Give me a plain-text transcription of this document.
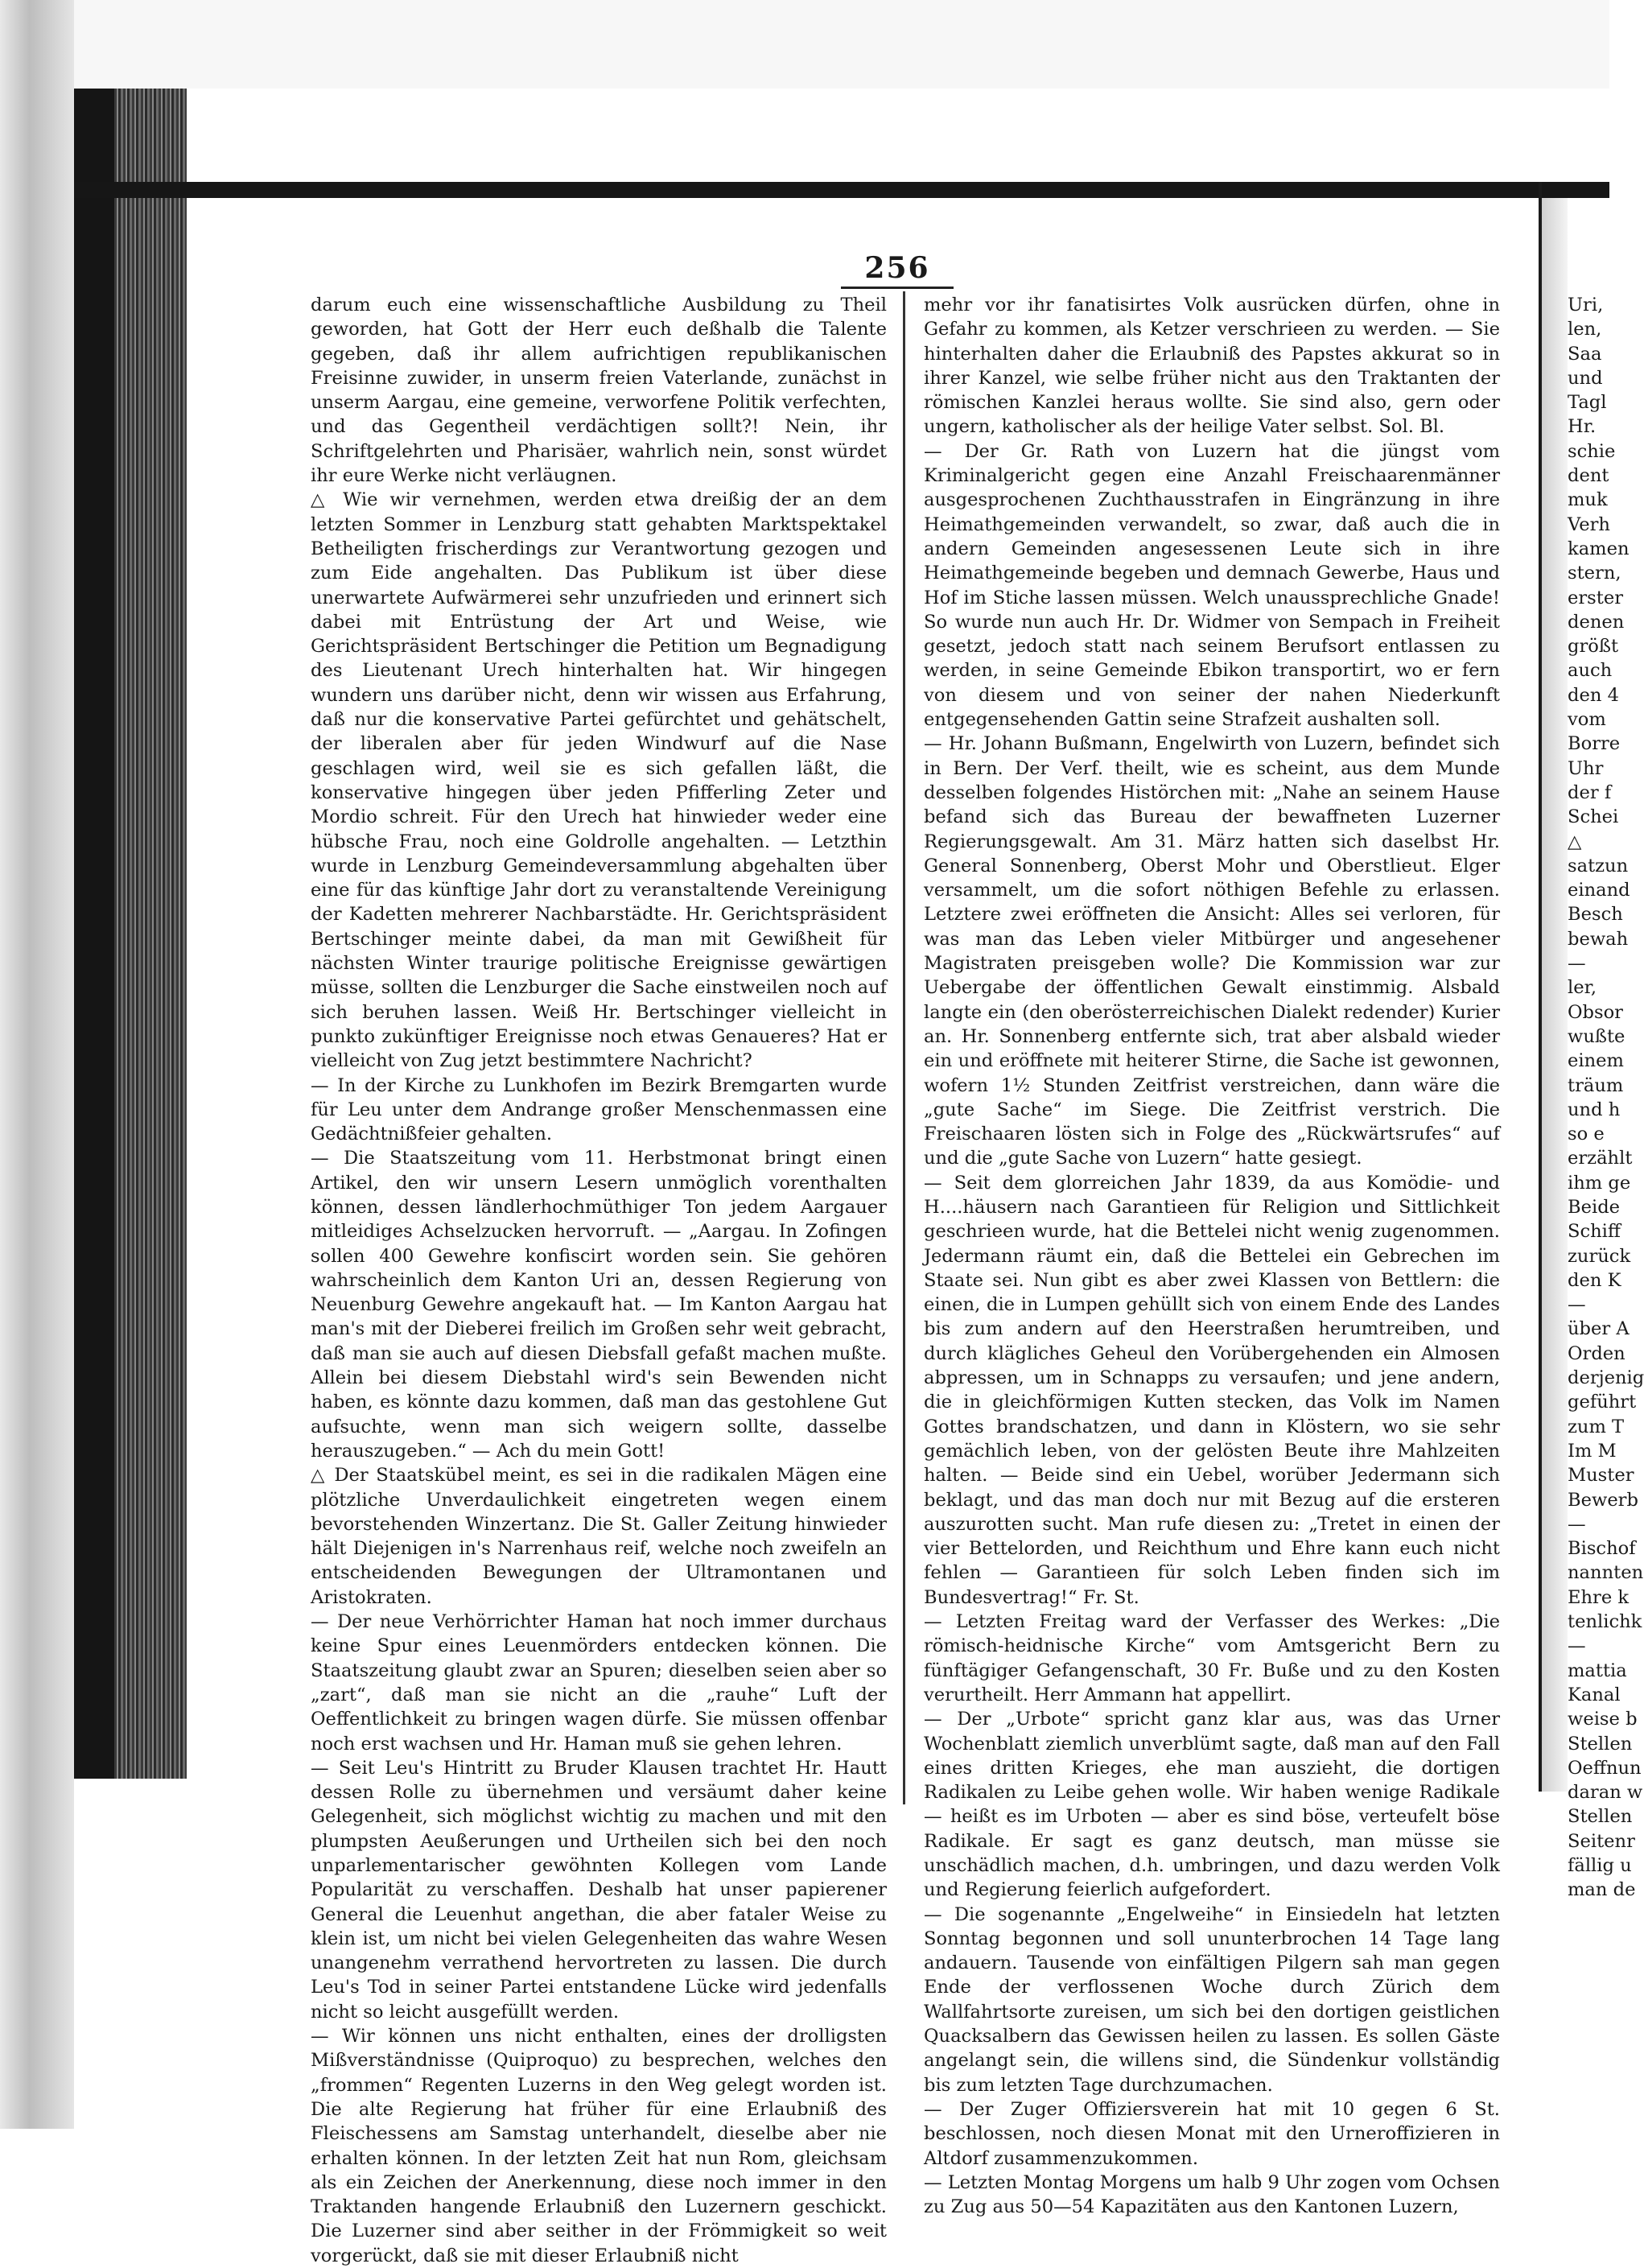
256

darum euch eine wissenschaftliche Ausbildung zu Theil geworden, hat Gott der Herr euch deßhalb die Talente gegeben, daß ihr allem aufrichtigen republikanischen Freisinne zuwider, in unserm freien Vaterlande, zunächst in unserm Aargau, eine gemeine, verworfene Politik verfechten, und das Gegentheil verdächtigen sollt?! Nein, ihr Schriftgelehrten und Pharisäer, wahrlich nein, sonst würdet ihr eure Werke nicht verläugnen.

△ Wie wir vernehmen, werden etwa dreißig der an dem letzten Sommer in Lenzburg statt gehabten Marktspektakel Betheiligten frischerdings zur Verantwortung gezogen und zum Eide angehalten. Das Publikum ist über diese unerwartete Aufwärmerei sehr unzufrieden und erinnert sich dabei mit Entrüstung der Art und Weise, wie Gerichtspräsident Bertschinger die Petition um Begnadigung des Lieutenant Urech hinterhalten hat. Wir hingegen wundern uns darüber nicht, denn wir wissen aus Erfahrung, daß nur die konservative Partei gefürchtet und gehätschelt, der liberalen aber für jeden Windwurf auf die Nase geschlagen wird, weil sie es sich gefallen läßt, die konservative hingegen über jeden Pfifferling Zeter und Mordio schreit. Für den Urech hat hinwieder weder eine hübsche Frau, noch eine Goldrolle angehalten. — Letzthin wurde in Lenzburg Gemeindeversammlung abgehalten über eine für das künftige Jahr dort zu veranstaltende Vereinigung der Kadetten mehrerer Nachbarstädte. Hr. Gerichtspräsident Bertschinger meinte dabei, da man mit Gewißheit für nächsten Winter traurige politische Ereignisse gewärtigen müsse, sollten die Lenzburger die Sache einstweilen noch auf sich beruhen lassen. Weiß Hr. Bertschinger vielleicht in punkto zukünftiger Ereignisse noch etwas Genaueres? Hat er vielleicht von Zug jetzt bestimmtere Nachricht?

— In der Kirche zu Lunkhofen im Bezirk Bremgarten wurde für Leu unter dem Andrange großer Menschenmassen eine Gedächtnißfeier gehalten.

— Die Staatszeitung vom 11. Herbstmonat bringt einen Artikel, den wir unsern Lesern unmöglich vorenthalten können, dessen ländlerhochmüthiger Ton jedem Aargauer mitleidiges Achselzucken hervorruft. — „Aargau. In Zofingen sollen 400 Gewehre konfiscirt worden sein. Sie gehören wahrscheinlich dem Kanton Uri an, dessen Regierung von Neuenburg Gewehre angekauft hat. — Im Kanton Aargau hat man's mit der Dieberei freilich im Großen sehr weit gebracht, daß man sie auch auf diesen Diebsfall gefaßt machen mußte. Allein bei diesem Diebstahl wird's sein Bewenden nicht haben, es könnte dazu kommen, daß man das gestohlene Gut aufsuchte, wenn man sich weigern sollte, dasselbe herauszugeben.“ — Ach du mein Gott!

△ Der Staatskübel meint, es sei in die radikalen Mägen eine plötzliche Unverdaulichkeit eingetreten wegen einem bevorstehenden Winzertanz. Die St. Galler Zeitung hinwieder hält Diejenigen in's Narrenhaus reif, welche noch zweifeln an entscheidenden Bewegungen der Ultramontanen und Aristokraten.

— Der neue Verhörrichter Haman hat noch immer durchaus keine Spur eines Leuenmörders entdecken können. Die Staatszeitung glaubt zwar an Spuren; dieselben seien aber so „zart“, daß man sie nicht an die „rauhe“ Luft der Oeffentlichkeit zu bringen wagen dürfe. Sie müssen offenbar noch erst wachsen und Hr. Haman muß sie gehen lehren.

— Seit Leu's Hintritt zu Bruder Klausen trachtet Hr. Hautt dessen Rolle zu übernehmen und versäumt daher keine Gelegenheit, sich möglichst wichtig zu machen und mit den plumpsten Aeußerungen und Urtheilen sich bei den noch unparlementarischer gewöhnten Kollegen vom Lande Popularität zu verschaffen. Deshalb hat unser papierener General die Leuenhut angethan, die aber fataler Weise zu klein ist, um nicht bei vielen Gelegenheiten das wahre Wesen unangenehm verrathend hervortreten zu lassen. Die durch Leu's Tod in seiner Partei entstandene Lücke wird jedenfalls nicht so leicht ausgefüllt werden.

— Wir können uns nicht enthalten, eines der drolligsten Mißverständnisse (Quiproquo) zu besprechen, welches den „frommen“ Regenten Luzerns in den Weg gelegt worden ist. Die alte Regierung hat früher für eine Erlaubniß des Fleischessens am Samstag unterhandelt, dieselbe aber nie erhalten können. In der letzten Zeit hat nun Rom, gleichsam als ein Zeichen der Anerkennung, diese noch immer in den Traktanden hangende Erlaubniß den Luzernern geschickt. Die Luzerner sind aber seither in der Frömmigkeit so weit vorgerückt, daß sie mit dieser Erlaubniß nicht

mehr vor ihr fanatisirtes Volk ausrücken dürfen, ohne in Gefahr zu kommen, als Ketzer verschrieen zu werden. — Sie hinterhalten daher die Erlaubniß des Papstes akkurat so in ihrer Kanzel, wie selbe früher nicht aus den Traktanten der römischen Kanzlei heraus wollte. Sie sind also, gern oder ungern, katholischer als der heilige Vater selbst. Sol. Bl.

— Der Gr. Rath von Luzern hat die jüngst vom Kriminalgericht gegen eine Anzahl Freischaarenmänner ausgesprochenen Zuchthausstrafen in Eingränzung in ihre Heimathgemeinden verwandelt, so zwar, daß auch die in andern Gemeinden angesessenen Leute sich in ihre Heimathgemeinde begeben und demnach Gewerbe, Haus und Hof im Stiche lassen müssen. Welch unaussprechliche Gnade! So wurde nun auch Hr. Dr. Widmer von Sempach in Freiheit gesetzt, jedoch statt nach seinem Berufsort entlassen zu werden, in seine Gemeinde Ebikon transportirt, wo er fern von diesem und von seiner der nahen Niederkunft entgegensehenden Gattin seine Strafzeit aushalten soll.

— Hr. Johann Bußmann, Engelwirth von Luzern, befindet sich in Bern. Der Verf. theilt, wie es scheint, aus dem Munde desselben folgendes Histörchen mit: „Nahe an seinem Hause befand sich das Bureau der bewaffneten Luzerner Regierungsgewalt. Am 31. März hatten sich daselbst Hr. General Sonnenberg, Oberst Mohr und Oberstlieut. Elger versammelt, um die sofort nöthigen Befehle zu erlassen. Letztere zwei eröffneten die Ansicht: Alles sei verloren, für was man das Leben vieler Mitbürger und angesehener Magistraten preisgeben wolle? Die Kommission war zur Uebergabe der öffentlichen Gewalt einstimmig. Alsbald langte ein (den oberösterreichischen Dialekt redender) Kurier an. Hr. Sonnenberg entfernte sich, trat aber alsbald wieder ein und eröffnete mit heiterer Stirne, die Sache ist gewonnen, wofern 1½ Stunden Zeitfrist verstreichen, dann wäre die „gute Sache“ im Siege. Die Zeitfrist verstrich. Die Freischaaren lösten sich in Folge des „Rückwärtsrufes“ auf und die „gute Sache von Luzern“ hatte gesiegt.

— Seit dem glorreichen Jahr 1839, da aus Komödie- und H....häusern nach Garantieen für Religion und Sittlichkeit geschrieen wurde, hat die Bettelei nicht wenig zugenommen. Jedermann räumt ein, daß die Bettelei ein Gebrechen im Staate sei. Nun gibt es aber zwei Klassen von Bettlern: die einen, die in Lumpen gehüllt sich von einem Ende des Landes bis zum andern auf den Heerstraßen herumtreiben, und durch klägliches Geheul den Vorübergehenden ein Almosen abpressen, um in Schnapps zu versaufen; und jene andern, die in gleichförmigen Kutten stecken, das Volk im Namen Gottes brandschatzen, und dann in Klöstern, wo sie sehr gemächlich leben, von der gelösten Beute ihre Mahlzeiten halten. — Beide sind ein Uebel, worüber Jedermann sich beklagt, und das man doch nur mit Bezug auf die ersteren auszurotten sucht. Man rufe diesen zu: „Tretet in einen der vier Bettelorden, und Reichthum und Ehre kann euch nicht fehlen — Garantieen für solch Leben finden sich im Bundesvertrag!“ Fr. St.

— Letzten Freitag ward der Verfasser des Werkes: „Die römisch-heidnische Kirche“ vom Amtsgericht Bern zu fünftägiger Gefangenschaft, 30 Fr. Buße und zu den Kosten verurtheilt. Herr Ammann hat appellirt.

— Der „Urbote“ spricht ganz klar aus, was das Urner Wochenblatt ziemlich unverblümt sagte, daß man auf den Fall eines dritten Krieges, ehe man auszieht, die dortigen Radikalen zu Leibe gehen wolle. Wir haben wenige Radikale — heißt es im Urboten — aber es sind böse, verteufelt böse Radikale. Er sagt es ganz deutsch, man müsse sie unschädlich machen, d.h. umbringen, und dazu werden Volk und Regierung feierlich aufgefordert.

— Die sogenannte „Engelweihe“ in Einsiedeln hat letzten Sonntag begonnen und soll ununterbrochen 14 Tage lang andauern. Tausende von einfältigen Pilgern sah man gegen Ende der verflossenen Woche durch Zürich dem Wallfahrtsorte zureisen, um sich bei den dortigen geistlichen Quacksalbern das Gewissen heilen zu lassen. Es sollen Gäste angelangt sein, die willens sind, die Sündenkur vollständig bis zum letzten Tage durchzumachen.

— Der Zuger Offiziersverein hat mit 10 gegen 6 St. beschlossen, noch diesen Monat mit den Urneroffizieren in Altdorf zusammenzukommen.

— Letzten Montag Morgens um halb 9 Uhr zogen vom Ochsen zu Zug aus 50—54 Kapazitäten aus den Kantonen Luzern,

Uri,
len,
Saa
und
Tagl
Hr.
schie
dent
muk
Verh
kamen
stern,
erster
denen
größt
auch
den 4
vom
Borre
Uhr
der f
Schei
△
satzun
einand
Besch
bewah
—
ler,
Obsor
wußte
einem
träum
und h
so e
erzählt
ihm ge
Beide
Schiff
zurück
den K
—
über A
Orden
derjenig
geführt
zum T
Im M
Muster
Bewerb
—
Bischof
nannten
Ehre k
tenlichk
—
mattia
Kanal
weise b
Stellen
Oeffnun
daran w
Stellen
Seitenr
fällig u
man de
